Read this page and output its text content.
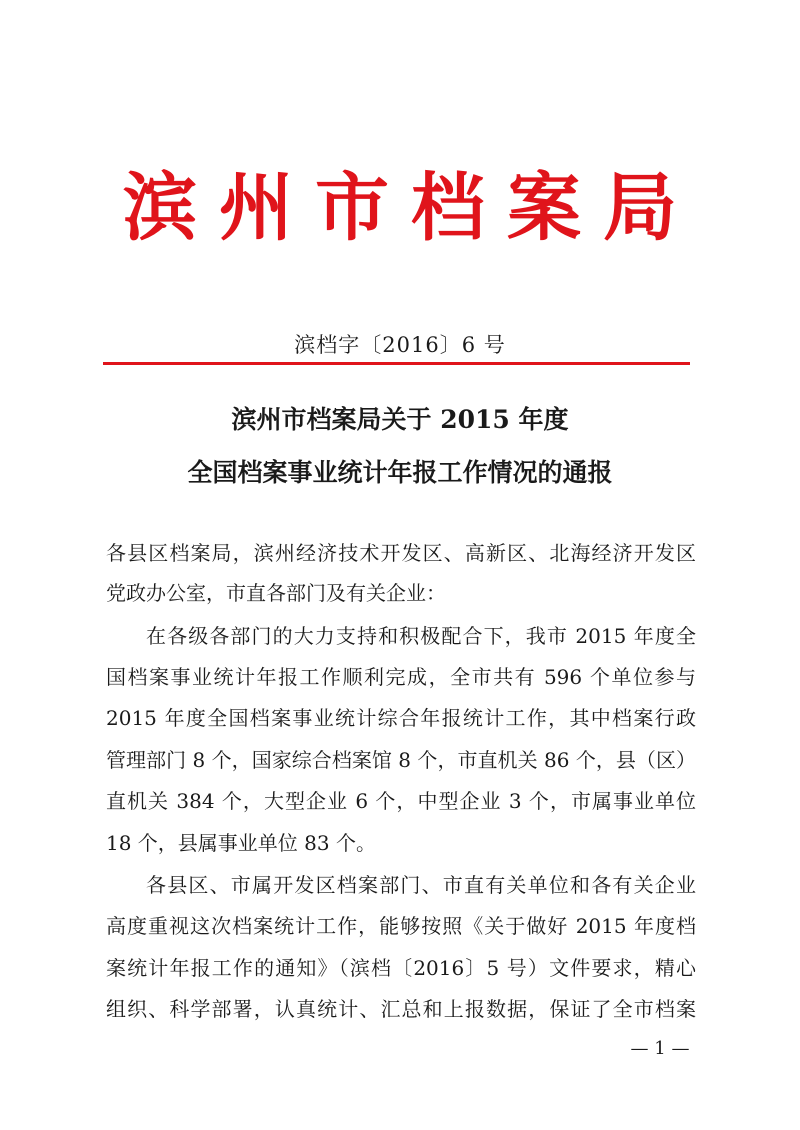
滨州市档案局
滨档字〔2016〕6 号
滨州市档案局关于 2015 年度
全国档案事业统计年报工作情况的通报
各县区档案局，滨州经济技术开发区、高新区、北海经济开发区
党政办公室，市直各部门及有关企业：
在各级各部门的大力支持和积极配合下，我市 2015 年度全
国档案事业统计年报工作顺利完成，全市共有 596 个单位参与
2015 年度全国档案事业统计综合年报统计工作，其中档案行政
管理部门 8 个，国家综合档案馆 8 个，市直机关 86 个，县（区）
直机关 384 个，大型企业 6 个，中型企业 3 个，市属事业单位
18 个，县属事业单位 83 个。
各县区、市属开发区档案部门、市直有关单位和各有关企业
高度重视这次档案统计工作，能够按照《关于做好 2015 年度档
案统计年报工作的通知》（滨档〔2016〕5 号）文件要求，精心
组织、科学部署，认真统计、汇总和上报数据，保证了全市档案
— 1 —
